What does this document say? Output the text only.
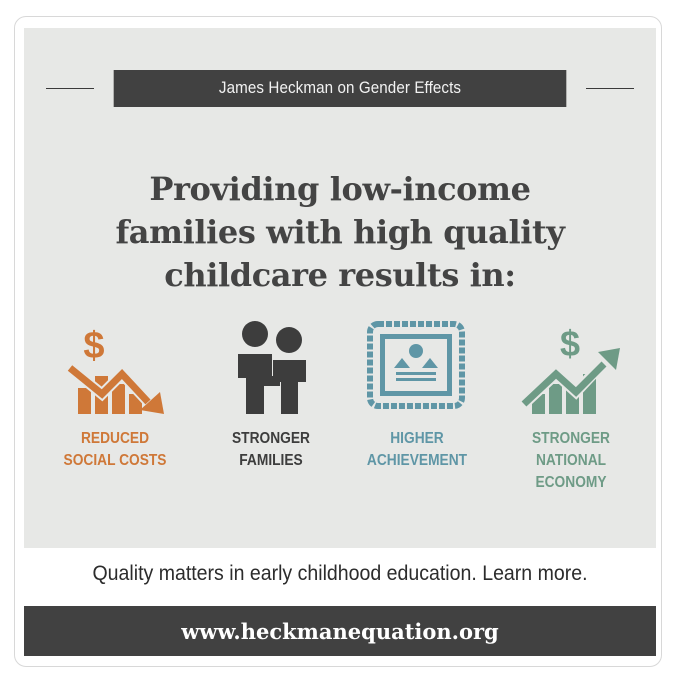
James Heckman on Gender Effects
Providing low-income
families with high quality
childcare results in:
$	$
REDUCED
SOCIAL COSTS
STRONGER
FAMILIES
HIGHER
ACHIEVEMENT
STRONGER
NATIONAL
ECONOMY
Quality matters in early childhood education. Learn more.
www.heckmanequation.org
